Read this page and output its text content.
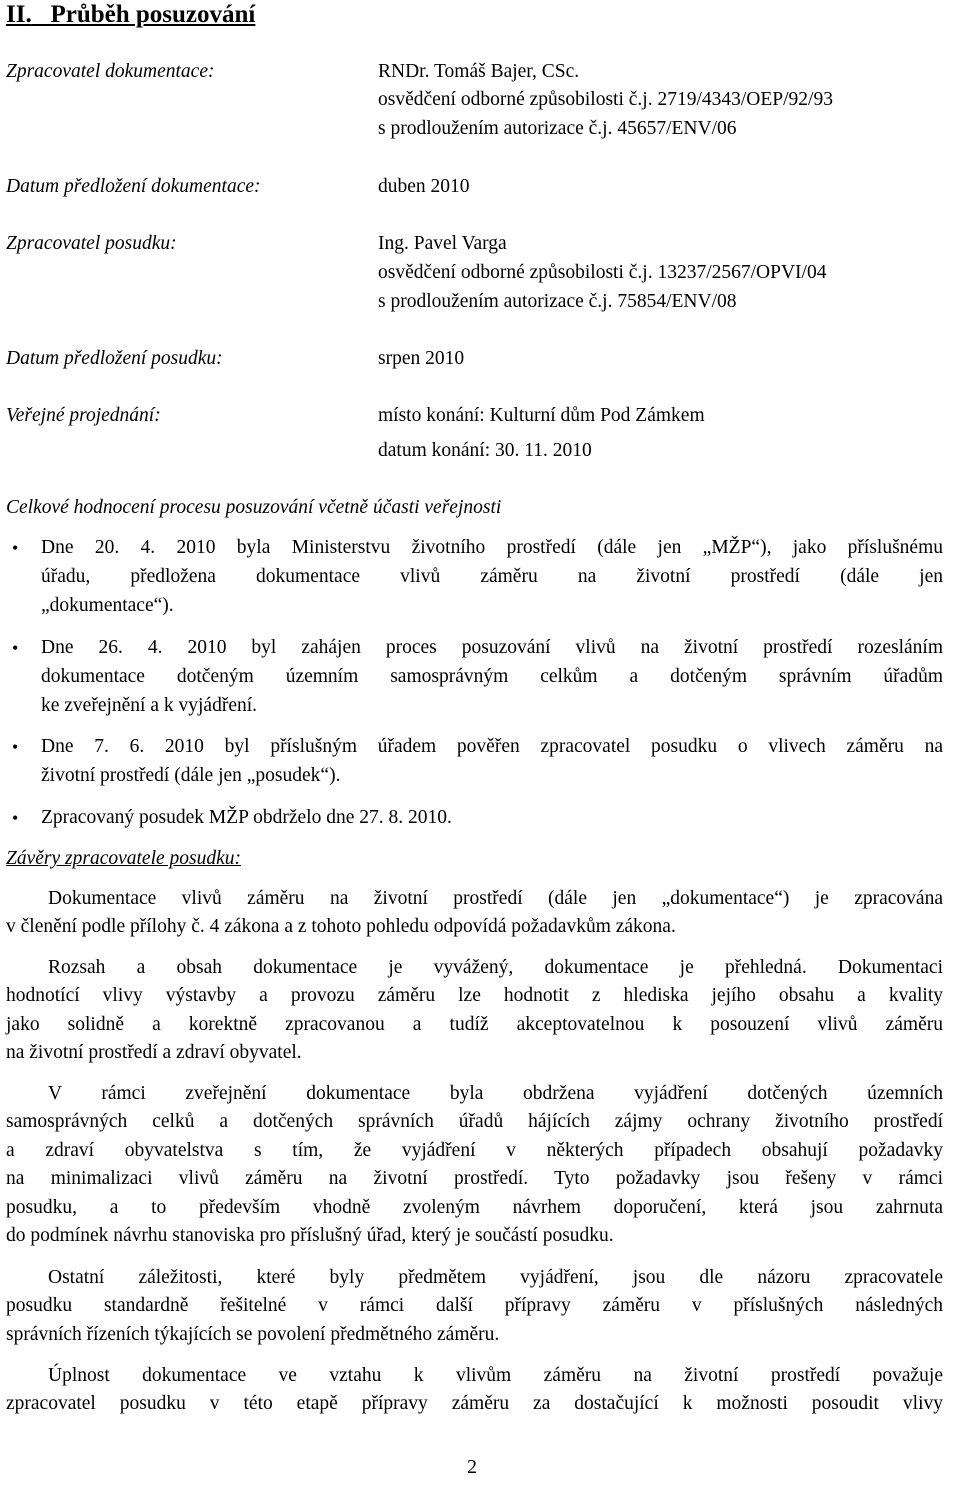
II. Průběh posuzování
Zpracovatel dokumentace:	RNDr. Tomáš Bajer, CSc.
osvědčení odborné způsobilosti č.j. 2719/4343/OEP/92/93
s prodloužením autorizace č.j. 45657/ENV/06
Datum předložení dokumentace:	duben 2010
Zpracovatel posudku:	Ing. Pavel Varga
osvědčení odborné způsobilosti č.j. 13237/2567/OPVI/04
s prodloužením autorizace č.j. 75854/ENV/08
Datum předložení posudku:	srpen 2010
Veřejné projednání:	místo konání: Kulturní dům Pod Zámkem
datum konání: 30. 11. 2010
Celkové hodnocení procesu posuzování včetně účasti veřejnosti
• Dne 20. 4. 2010 byla Ministerstvu životního prostředí (dále jen „MŽP“), jako příslušnému
úřadu, předložena dokumentace vlivů záměru na životní prostředí (dále jen
„dokumentace“).
• Dne 26. 4. 2010 byl zahájen proces posuzování vlivů na životní prostředí rozesláním
dokumentace dotčeným územním samosprávným celkům a dotčeným správním úřadům
ke zveřejnění a k vyjádření.
• Dne 7. 6. 2010 byl příslušným úřadem pověřen zpracovatel posudku o vlivech záměru na
životní prostředí (dále jen „posudek“).
• Zpracovaný posudek MŽP obdrželo dne 27. 8. 2010.
Závěry zpracovatele posudku:
Dokumentace vlivů záměru na životní prostředí (dále jen „dokumentace“) je zpracována
v členění podle přílohy č. 4 zákona a z tohoto pohledu odpovídá požadavkům zákona.
Rozsah a obsah dokumentace je vyvážený, dokumentace je přehledná. Dokumentaci
hodnotící vlivy výstavby a provozu záměru lze hodnotit z hlediska jejího obsahu a kvality
jako solidně a korektně zpracovanou a tudíž akceptovatelnou k posouzení vlivů záměru
na životní prostředí a zdraví obyvatel.
V rámci zveřejnění dokumentace byla obdržena vyjádření dotčených územních
samosprávných celků a dotčených správních úřadů hájících zájmy ochrany životního prostředí
a zdraví obyvatelstva s tím, že vyjádření v některých případech obsahují požadavky
na minimalizaci vlivů záměru na životní prostředí. Tyto požadavky jsou řešeny v rámci
posudku, a to především vhodně zvoleným návrhem doporučení, která jsou zahrnuta
do podmínek návrhu stanoviska pro příslušný úřad, který je součástí posudku.
Ostatní záležitosti, které byly předmětem vyjádření, jsou dle názoru zpracovatele
posudku standardně řešitelné v rámci další přípravy záměru v příslušných následných
správních řízeních týkajících se povolení předmětného záměru.
Úplnost dokumentace ve vztahu k vlivům záměru na životní prostředí považuje
zpracovatel posudku v této etapě přípravy záměru za dostačující k možnosti posoudit vlivy
2
